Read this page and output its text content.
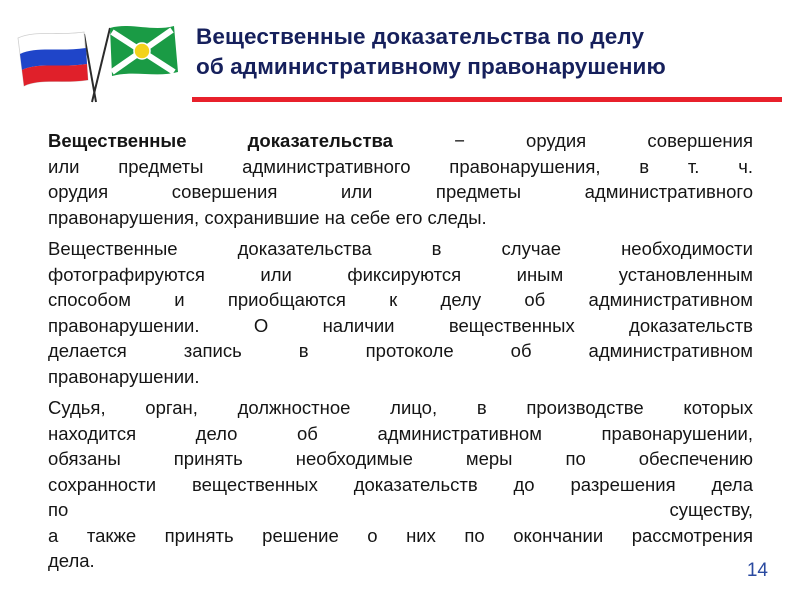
Вещественные доказательства по делу
об административному правонарушению
Вещественные доказательства − орудия совершения
или предметы административного правонарушения, в т. ч.
орудия совершения или предметы административного
правонарушения, сохранившие на себе его следы.
Вещественные доказательства в случае необходимости
фотографируются или фиксируются иным установленным
способом и приобщаются к делу об административном
правонарушении. О наличии вещественных доказательств
делается запись в протоколе об административном
правонарушении.
Судья, орган, должностное лицо, в производстве которых
находится дело об административном правонарушении,
обязаны принять необходимые меры по обеспечению
сохранности вещественных доказательств до разрешения дела
по существу,
а также принять решение о них по окончании рассмотрения
дела.	14
